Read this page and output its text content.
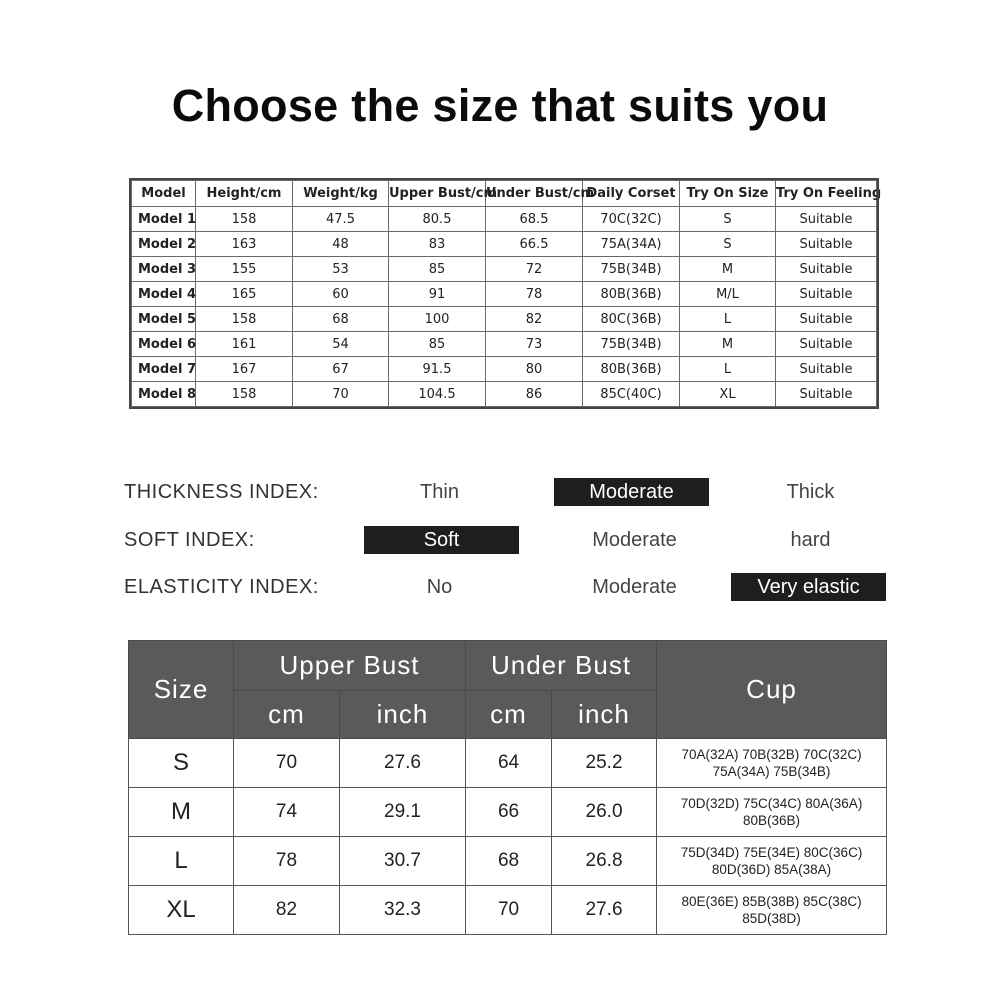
Choose the size that suits you
Model	Height/cm	Weight/kg	Upper Bust/cm	Under Bust/cm	Daily Corset	Try On Size	Try On Feeling
Model 1	158	47.5	80.5	68.5	70C(32C)	S	Suitable
Model 2	163	48	83	66.5	75A(34A)	S	Suitable
Model 3	155	53	85	72	75B(34B)	M	Suitable
Model 4	165	60	91	78	80B(36B)	M/L	Suitable
Model 5	158	68	100	82	80C(36B)	L	Suitable
Model 6	161	54	85	73	75B(34B)	M	Suitable
Model 7	167	67	91.5	80	80B(36B)	L	Suitable
Model 8	158	70	104.5	86	85C(40C)	XL	Suitable
THICKNESS INDEX:	Thin	Moderate	Thick
SOFT INDEX:	Soft	Moderate	hard
ELASTICITY INDEX:	No	Moderate	Very elastic
Size	Upper Bust		Under Bust		Cup
	cm	inch	cm	inch	
S	70	27.6	64	25.2	70A(32A) 70B(32B) 70C(32C)
75A(34A) 75B(34B)

M	74	29.1	66	26.0	70D(32D) 75C(34C) 80A(36A)
80B(36B)

L	78	30.7	68	26.8	75D(34D) 75E(34E) 80C(36C)
80D(36D) 85A(38A)

XL	82	32.3	70	27.6	80E(36E) 85B(38B) 85C(38C)
85D(38D)
